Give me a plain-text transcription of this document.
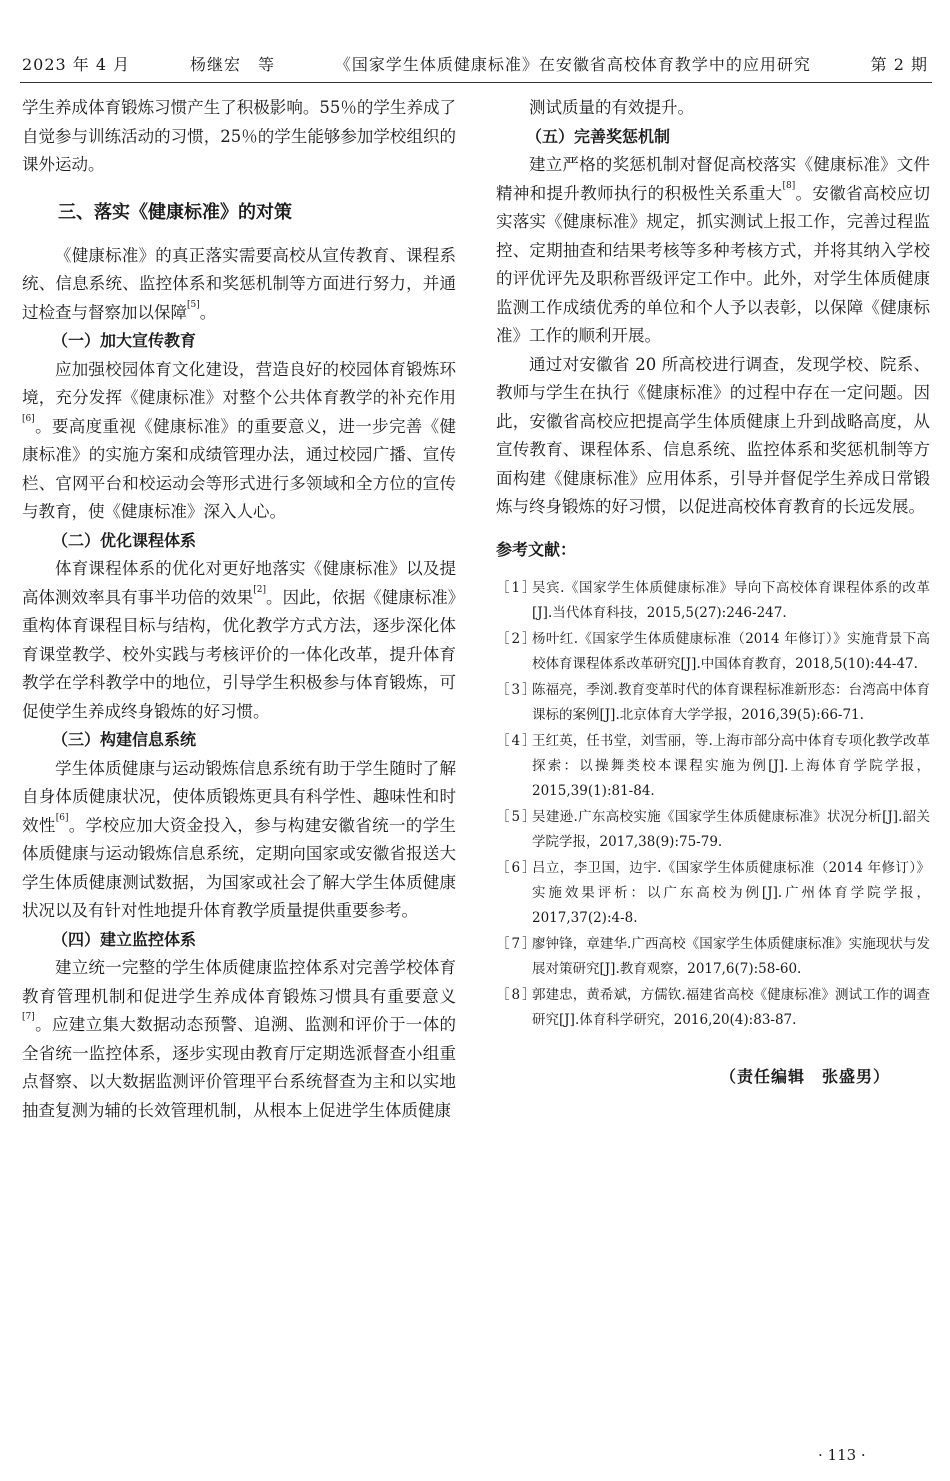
2023 年 4 月	杨继宏　等	《国家学生体质健康标准》在安徽省高校体育教学中的应用研究	第 2 期

学生养成体育锻炼习惯产生了积极影响。55％的学生养成了自觉参与训练活动的习惯，25％的学生能够参加学校组织的课外运动。

三、落实《健康标准》的对策

《健康标准》的真正落实需要高校从宣传教育、课程系统、信息系统、监控体系和奖惩机制等方面进行努力，并通过检查与督察加以保障[5]。

（一）加大宣传教育

应加强校园体育文化建设，营造良好的校园体育锻炼环境，充分发挥《健康标准》对整个公共体育教学的补充作用[6]。要高度重视《健康标准》的重要意义，进一步完善《健康标准》的实施方案和成绩管理办法，通过校园广播、宣传栏、官网平台和校运动会等形式进行多领域和全方位的宣传与教育，使《健康标准》深入人心。

（二）优化课程体系

体育课程体系的优化对更好地落实《健康标准》以及提高体测效率具有事半功倍的效果[2]。因此，依据《健康标准》重构体育课程目标与结构，优化教学方式方法，逐步深化体育课堂教学、校外实践与考核评价的一体化改革，提升体育教学在学科教学中的地位，引导学生积极参与体育锻炼，可促使学生养成终身锻炼的好习惯。

（三）构建信息系统

学生体质健康与运动锻炼信息系统有助于学生随时了解自身体质健康状况，使体质锻炼更具有科学性、趣味性和时效性[6]。学校应加大资金投入，参与构建安徽省统一的学生体质健康与运动锻炼信息系统，定期向国家或安徽省报送大学生体质健康测试数据，为国家或社会了解大学生体质健康状况以及有针对性地提升体育教学质量提供重要参考。

（四）建立监控体系

建立统一完整的学生体质健康监控体系对完善学校体育教育管理机制和促进学生养成体育锻炼习惯具有重要意义[7]。应建立集大数据动态预警、追溯、监测和评价于一体的全省统一监控体系，逐步实现由教育厅定期选派督查小组重点督察、以大数据监测评价管理平台系统督查为主和以实地抽查复测为辅的长效管理机制，从根本上促进学生体质健康

测试质量的有效提升。

（五）完善奖惩机制

建立严格的奖惩机制对督促高校落实《健康标准》文件精神和提升教师执行的积极性关系重大[8]。安徽省高校应切实落实《健康标准》规定，抓实测试上报工作，完善过程监控、定期抽查和结果考核等多种考核方式，并将其纳入学校的评优评先及职称晋级评定工作中。此外，对学生体质健康监测工作成绩优秀的单位和个人予以表彰，以保障《健康标准》工作的顺利开展。

通过对安徽省 20 所高校进行调查，发现学校、院系、教师与学生在执行《健康标准》的过程中存在一定问题。因此，安徽省高校应把提高学生体质健康上升到战略高度，从宣传教育、课程体系、信息系统、监控体系和奖惩机制等方面构建《健康标准》应用体系，引导并督促学生养成日常锻炼与终身锻炼的好习惯，以促进高校体育教育的长远发展。

参考文献：
［1］
吴宾.《国家学生体质健康标准》导向下高校体育课程体系的改革[J].当代体育科技，2015,5(27):246-247.
［2］
杨叶红.《国家学生体质健康标准（2014 年修订）》实施背景下高校体育课程体系改革研究[J].中国体育教育，2018,5(10):44-47.
［3］
陈福亮，季浏.教育变革时代的体育课程标准新形态：台湾高中体育课标的案例[J].北京体育大学学报，2016,39(5):66-71.
［4］
王红英，任书堂，刘雪丽，等.上海市部分高中体育专项化教学改革探索：以操舞类校本课程实施为例[J].上海体育学院学报，2015,39(1):81-84.
［5］
吴建逊.广东高校实施《国家学生体质健康标准》状况分析[J].韶关学院学报，2017,38(9):75-79.
［6］
吕立，李卫国，边宇.《国家学生体质健康标准（2014 年修订）》实施效果评析：以广东高校为例[J].广州体育学院学报，2017,37(2):4-8.
［7］
廖钟锋，章建华.广西高校《国家学生体质健康标准》实施现状与发展对策研究[J].教育观察，2017,6(7):58-60.
［8］
郭建忠，黄希斌，方儒钦.福建省高校《健康标准》测试工作的调查研究[J].体育科学研究，2016,20(4):83-87.
（责任编辑　张盛男）
· 113 ·
